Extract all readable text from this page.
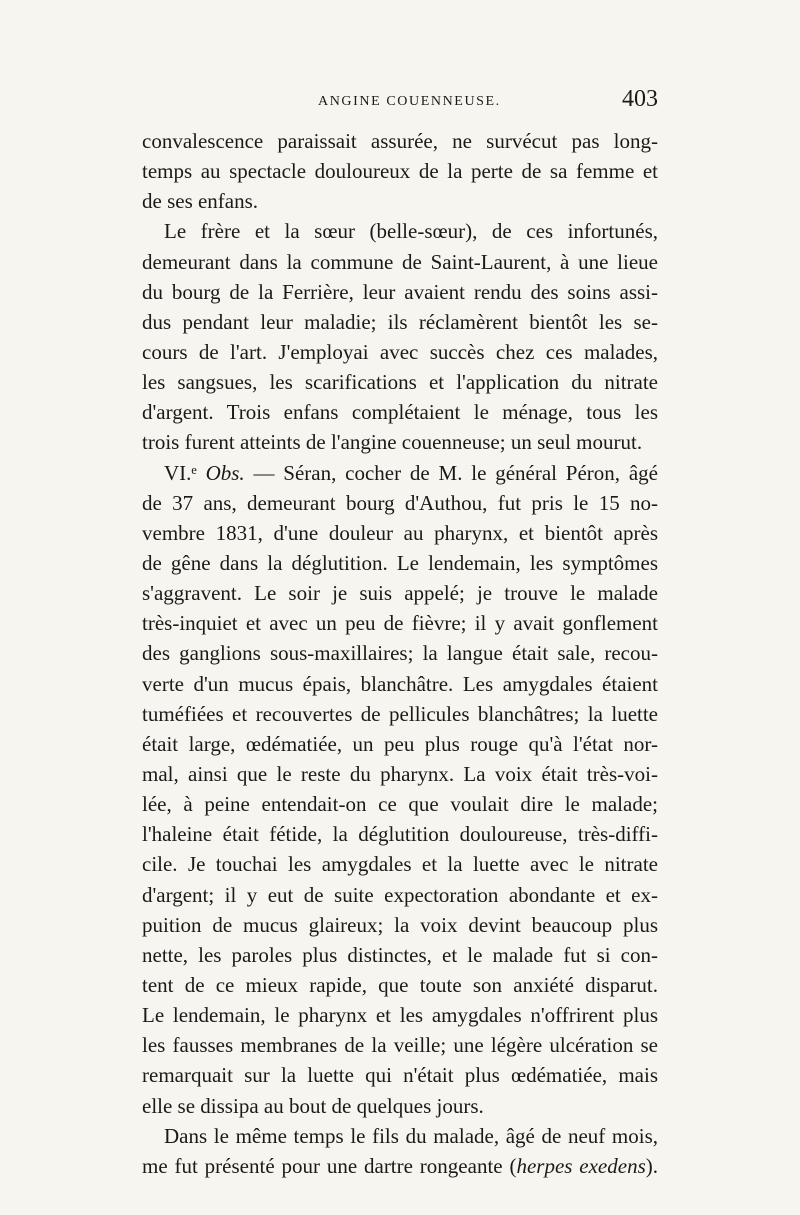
ANGINE COUENNEUSE.	403
convalescence paraissait assurée, ne survécut pas long-
temps au spectacle douloureux de la perte de sa femme et
de ses enfans.
Le frère et la sœur (belle-sœur), de ces infortunés,
demeurant dans la commune de Saint-Laurent, à une lieue
du bourg de la Ferrière, leur avaient rendu des soins assi-
dus pendant leur maladie; ils réclamèrent bientôt les se-
cours de l'art. J'employai avec succès chez ces malades,
les sangsues, les scarifications et l'application du nitrate
d'argent. Trois enfans complétaient le ménage, tous les
trois furent atteints de l'angine couenneuse; un seul mourut.
VI.ᵉ Obs. — Séran, cocher de M. le général Péron, âgé
de 37 ans, demeurant bourg d'Authou, fut pris le 15 no-
vembre 1831, d'une douleur au pharynx, et bientôt après
de gêne dans la déglutition. Le lendemain, les symptômes
s'aggravent. Le soir je suis appelé; je trouve le malade
très-inquiet et avec un peu de fièvre; il y avait gonflement
des ganglions sous-maxillaires; la langue était sale, recou-
verte d'un mucus épais, blanchâtre. Les amygdales étaient
tuméfiées et recouvertes de pellicules blanchâtres; la luette
était large, œdématiée, un peu plus rouge qu'à l'état nor-
mal, ainsi que le reste du pharynx. La voix était très-voi-
lée, à peine entendait-on ce que voulait dire le malade;
l'haleine était fétide, la déglutition douloureuse, très-diffi-
cile. Je touchai les amygdales et la luette avec le nitrate
d'argent; il y eut de suite expectoration abondante et ex-
puition de mucus glaireux; la voix devint beaucoup plus
nette, les paroles plus distinctes, et le malade fut si con-
tent de ce mieux rapide, que toute son anxiété disparut.
Le lendemain, le pharynx et les amygdales n'offrirent plus
les fausses membranes de la veille; une légère ulcération se
remarquait sur la luette qui n'était plus œdématiée, mais
elle se dissipa au bout de quelques jours.
Dans le même temps le fils du malade, âgé de neuf mois,
me fut présenté pour une dartre rongeante (herpes exedens).
